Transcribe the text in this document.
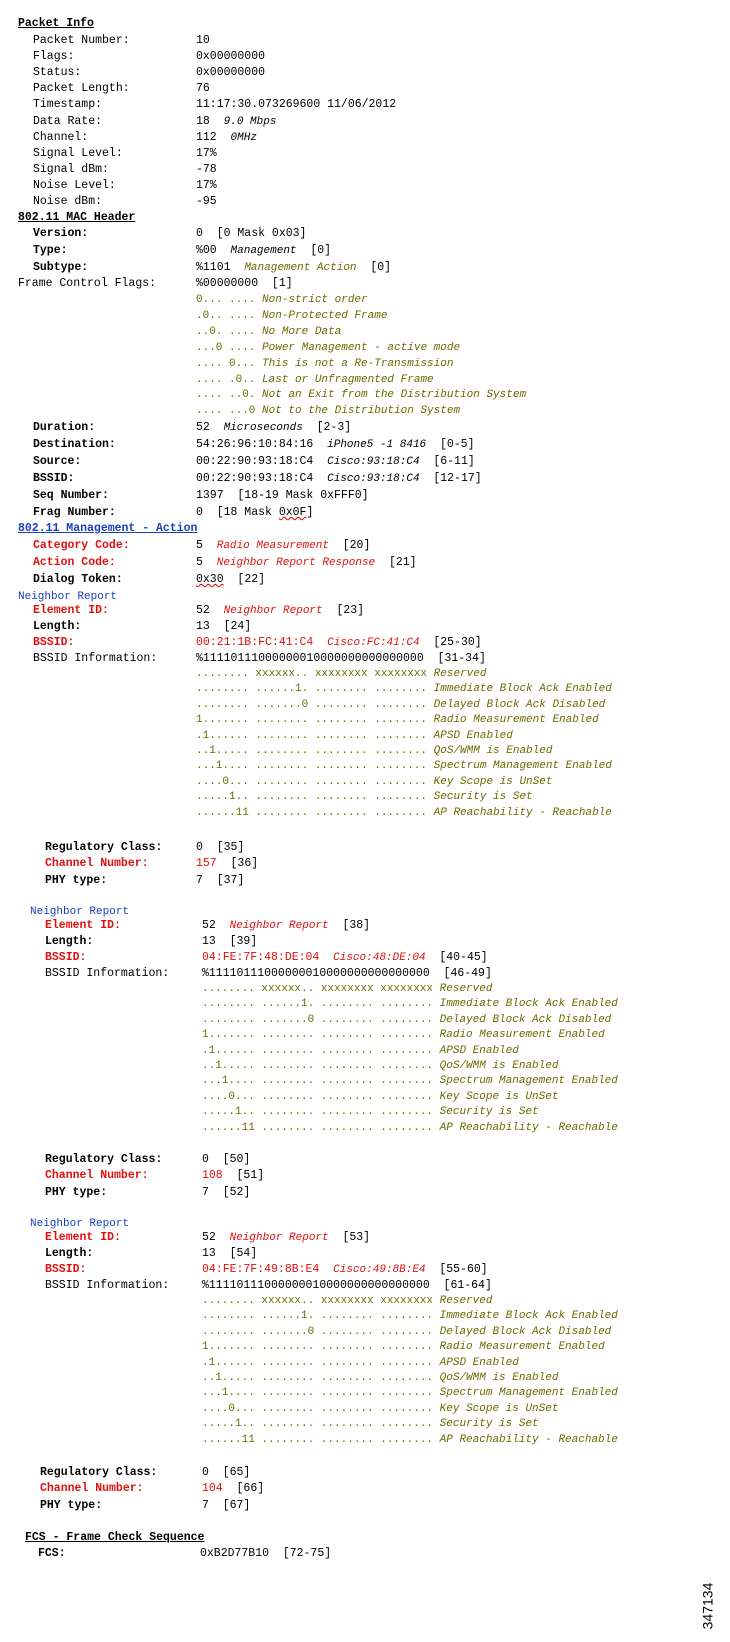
Packet Info
Packet Number:	10
Flags:	0x00000000
Status:	0x00000000
Packet Length:	76
Timestamp:	11:17:30.073269600 11/06/2012
Data Rate:	18 9.0 Mbps
Channel:	112 0MHz
Signal Level:	17%
Signal dBm:	-78
Noise Level:	17%
Noise dBm:	-95
802.11 MAC Header
Version:	0  [0 Mask 0x03]
Type:	%00  Management  [0]
Subtype:	%1101  Management Action  [0]
Frame Control Flags:	%00000000  [1]
0... .... Non-strict order
.0.. .... Non-Protected Frame
..0. .... No More Data
...0 .... Power Management - active mode
.... 0... This is not a Re-Transmission
.... .0.. Last or Unfragmented Frame
.... ..0. Not an Exit from the Distribution System
.... ...0 Not to the Distribution System
Duration:	52  Microseconds  [2-3]
Destination:	54:26:96:10:84:16  iPhone5 -1 8416  [0-5]
Source:	00:22:90:93:18:C4  Cisco:93:18:C4  [6-11]
BSSID:	00:22:90:93:18:C4  Cisco:93:18:C4  [12-17]
Seq Number:	1397  [18-19 Mask 0xFFF0]
Frag Number:	0  [18 Mask 0x0F]
802.11 Management - Action
Category Code:	5  Radio Measurement  [20]
Action Code:	5  Neighbor Report Response  [21]
Dialog Token:	0x30  [22]
Neighbor Report
Element ID:	52  Neighbor Report  [23]
Length:	13  [24]
BSSID:	00:21:1B:FC:41:C4  Cisco:FC:41:C4  [25-30]
BSSID Information:	%11110111000000010000000000000000  [31-34]
........ xxxxxx.. xxxxxxxx xxxxxxxx Reserved
........ ......1. ........ ........ Immediate Block Ack Enabled
........ .......0 ........ ........ Delayed Block Ack Disabled
1....... ........ ........ ........ Radio Measurement Enabled
.1...... ........ ........ ........ APSD Enabled
..1..... ........ ........ ........ QoS/WMM is Enabled
...1.... ........ ........ ........ Spectrum Management Enabled
....0... ........ ........ ........ Key Scope is UnSet
.....1.. ........ ........ ........ Security is Set
......11 ........ ........ ........ AP Reachability - Reachable
Regulatory Class:	0  [35]
Channel Number:	157  [36]
PHY type:	7  [37]
Neighbor Report
Element ID:	52  Neighbor Report  [38]
Length:	13  [39]
BSSID:	04:FE:7F:48:DE:04  Cisco:48:DE:04  [40-45]
BSSID Information:	%11110111000000010000000000000000  [46-49]
........ xxxxxx.. xxxxxxxx xxxxxxxx Reserved
........ ......1. ........ ........ Immediate Block Ack Enabled
........ .......0 ........ ........ Delayed Block Ack Disabled
1....... ........ ........ ........ Radio Measurement Enabled
.1...... ........ ........ ........ APSD Enabled
..1..... ........ ........ ........ QoS/WMM is Enabled
...1.... ........ ........ ........ Spectrum Management Enabled
....0... ........ ........ ........ Key Scope is UnSet
.....1.. ........ ........ ........ Security is Set
......11 ........ ........ ........ AP Reachability - Reachable
Regulatory Class:	0  [50]
Channel Number:	108  [51]
PHY type:	7  [52]
Neighbor Report
Element ID:	52  Neighbor Report  [53]
Length:	13  [54]
BSSID:	04:FE:7F:49:8B:E4  Cisco:49:8B:E4  [55-60]
BSSID Information:	%11110111000000010000000000000000  [61-64]
........ xxxxxx.. xxxxxxxx xxxxxxxx Reserved
........ ......1. ........ ........ Immediate Block Ack Enabled
........ .......0 ........ ........ Delayed Block Ack Disabled
1....... ........ ........ ........ Radio Measurement Enabled
.1...... ........ ........ ........ APSD Enabled
..1..... ........ ........ ........ QoS/WMM is Enabled
...1.... ........ ........ ........ Spectrum Management Enabled
....0... ........ ........ ........ Key Scope is UnSet
.....1.. ........ ........ ........ Security is Set
......11 ........ ........ ........ AP Reachability - Reachable
Regulatory Class:	0  [65]
Channel Number:	104  [66]
PHY type:	7  [67]
FCS - Frame Check Sequence
FCS:	0xB2D77B10  [72-75]
347134
